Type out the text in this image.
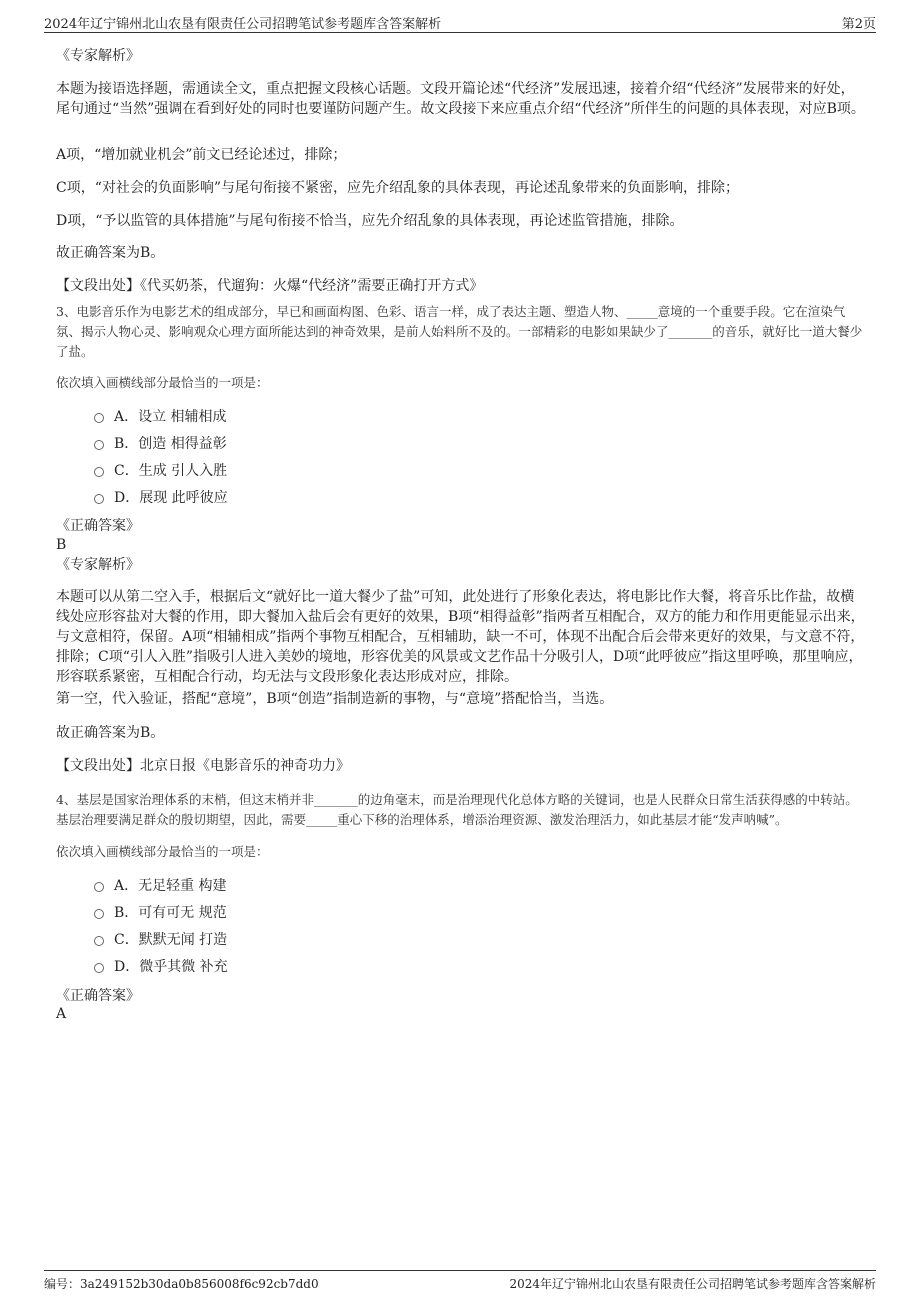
2024年辽宁锦州北山农垦有限责任公司招聘笔试参考题库含答案解析	第2页

《专家解析》

本题为接语选择题，需通读全文，重点把握文段核心话题。文段开篇论述“代经济”发展迅速，接着介绍“代经济”发展带来的好处，尾句通过“当然”强调在看到好处的同时也要谨防问题产生。故文段接下来应重点介绍“代经济”所伴生的问题的具体表现，对应B项。

A项，“增加就业机会”前文已经论述过，排除；

C项，“对社会的负面影响”与尾句衔接不紧密，应先介绍乱象的具体表现，再论述乱象带来的负面影响，排除；

D项，“予以监管的具体措施”与尾句衔接不恰当，应先介绍乱象的具体表现，再论述监管措施，排除。

故正确答案为B。

【文段出处】《代买奶茶，代遛狗：火爆“代经济”需要正确打开方式》

3、电影音乐作为电影艺术的组成部分，早已和画面构图、色彩、语言一样，成了表达主题、塑造人物、_____意境的一个重要手段。它在渲染气氛、揭示人物心灵、影响观众心理方面所能达到的神奇效果，是前人始料所不及的。一部精彩的电影如果缺少了_______的音乐，就好比一道大餐少了盐。

依次填入画横线部分最恰当的一项是：

A．设立 相辅相成
B．创造 相得益彰
C．生成 引人入胜
D．展现 此呼彼应

《正确答案》

B

《专家解析》

本题可以从第二空入手，根据后文“就好比一道大餐少了盐”可知，此处进行了形象化表达，将电影比作大餐，将音乐比作盐，故横线处应形容盐对大餐的作用，即大餐加入盐后会有更好的效果，B项“相得益彰”指两者互相配合，双方的能力和作用更能显示出来，与文意相符，保留。A项“相辅相成”指两个事物互相配合，互相辅助，缺一不可，体现不出配合后会带来更好的效果，与文意不符，排除；C项“引人入胜”指吸引人进入美妙的境地，形容优美的风景或文艺作品十分吸引人，D项“此呼彼应”指这里呼唤，那里响应，形容联系紧密，互相配合行动，均无法与文段形象化表达形成对应，排除。

第一空，代入验证，搭配“意境”，B项“创造”指制造新的事物，与“意境”搭配恰当，当选。

故正确答案为B。

【文段出处】北京日报《电影音乐的神奇功力》

4、基层是国家治理体系的末梢，但这末梢并非_______的边角毫末，而是治理现代化总体方略的关键词，也是人民群众日常生活获得感的中转站。基层治理要满足群众的殷切期望，因此，需要_____重心下移的治理体系，增添治理资源、激发治理活力，如此基层才能“发声呐喊”。

依次填入画横线部分最恰当的一项是：

A．无足轻重 构建
B．可有可无 规范
C．默默无闻 打造
D．微乎其微 补充

《正确答案》

A

编号：3a249152b30da0b856008f6c92cb7dd0	2024年辽宁锦州北山农垦有限责任公司招聘笔试参考题库含答案解析
